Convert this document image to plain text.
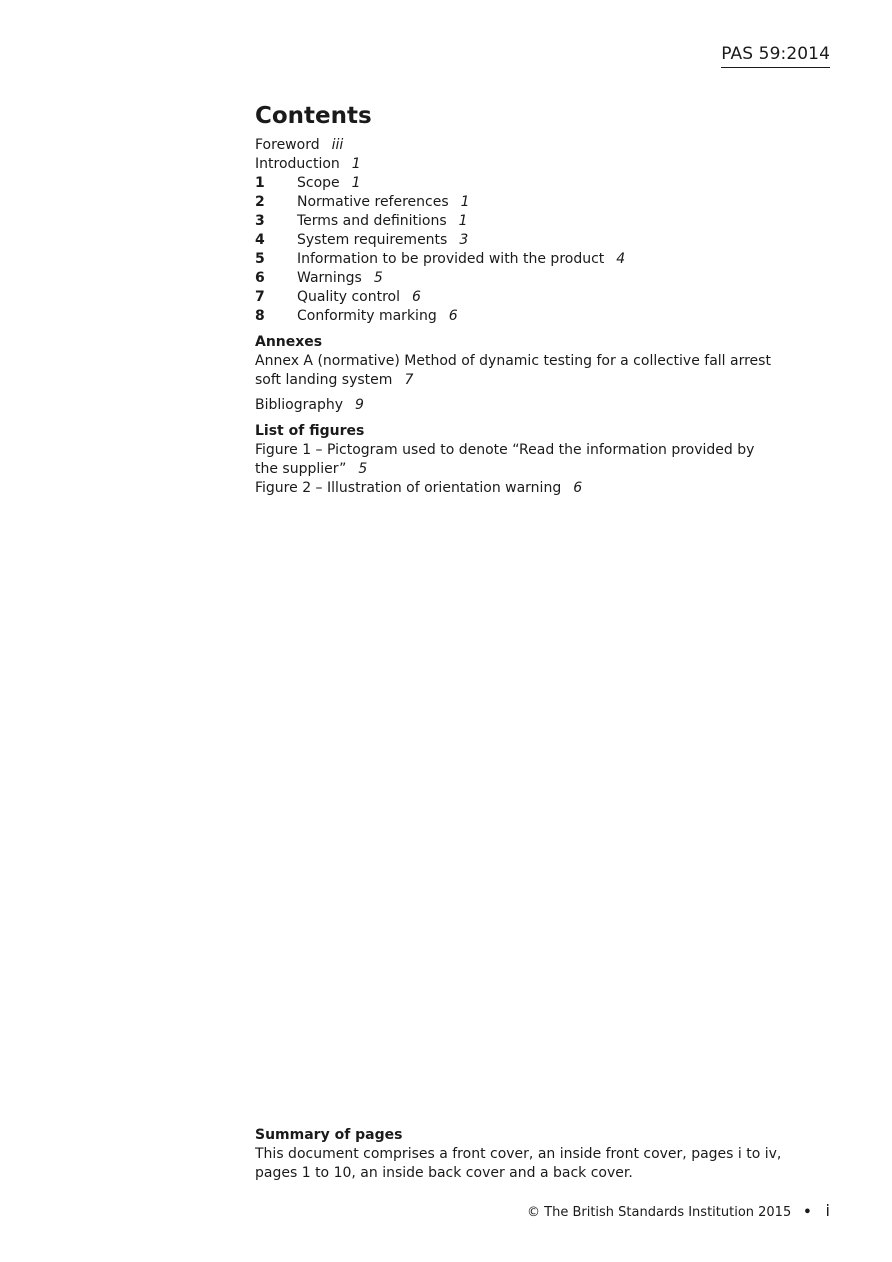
PAS 59:2014
Contents
Foreword iii
Introduction 1
1 Scope 1
2 Normative references 1
3 Terms and definitions 1
4 System requirements 3
5 Information to be provided with the product 4
6 Warnings 5
7 Quality control 6
8 Conformity marking 6
Annexes
Annex A (normative) Method of dynamic testing for a collective fall arrest
soft landing system 7
Bibliography 9
List of figures
Figure 1 – Pictogram used to denote “Read the information provided by
the supplier” 5
Figure 2 – Illustration of orientation warning 6
Summary of pages
This document comprises a front cover, an inside front cover, pages i to iv,
pages 1 to 10, an inside back cover and a back cover.
© The British Standards Institution 2015 • i
